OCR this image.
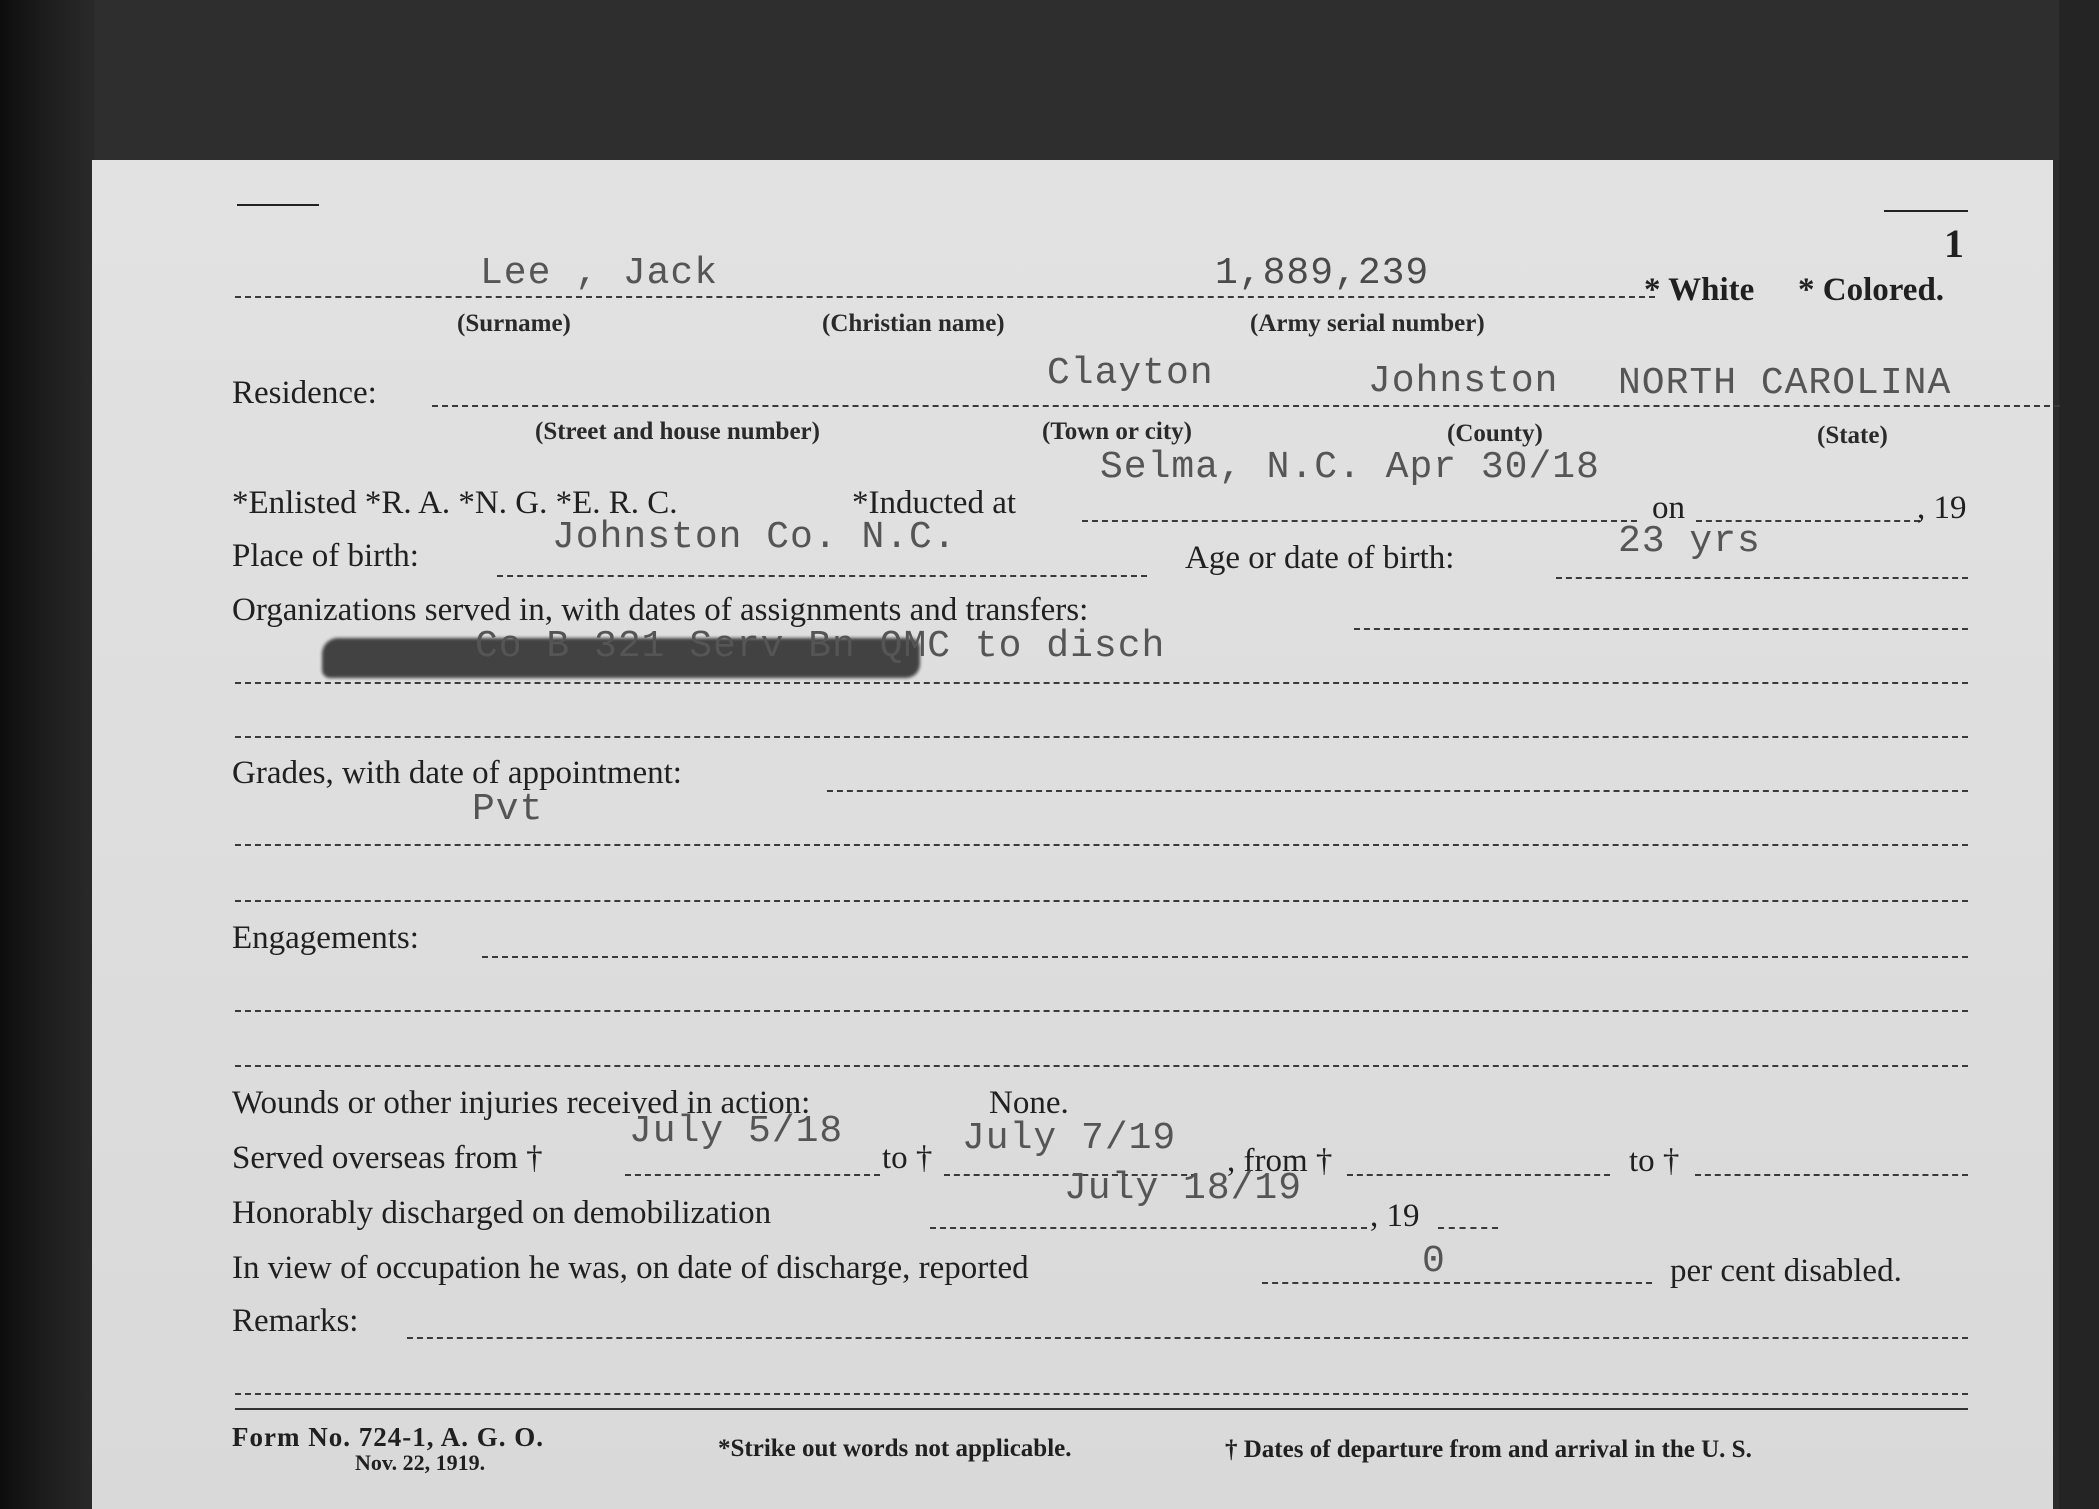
1
Lee , Jack	1,889,239	* White * Colored.
(Surname)	(Christian name)	(Army serial number)
Residence:	Clayton	Johnston NORTH CAROLINA
(Street and house number)	(Town or city)	(County)	(State)
*Enlisted *R. A. *N. G. *E. R. C.	*Inducted at
Selma, N.C. Apr 30/18
on	, 19
Place of birth:	Johnston Co. N.C.	Age or date of birth:	23 yrs
Organizations served in, with dates of assignments and transfers:
Co B 321 Serv Bn QMC to disch
Grades, with date of appointment:
Pvt
Engagements:
Wounds or other injuries received in action:	None.
Served overseas from †
July 5/18
to † July 7/19
, from †	to †
Honorably discharged on demobilization
July 18/19
, 19
In view of occupation he was, on date of discharge, reported	0	per cent disabled.
Remarks:
Form No. 724-1, A. G. O.
Nov. 22, 1919.
*Strike out words not applicable.	† Dates of departure from and arrival in the U. S.
